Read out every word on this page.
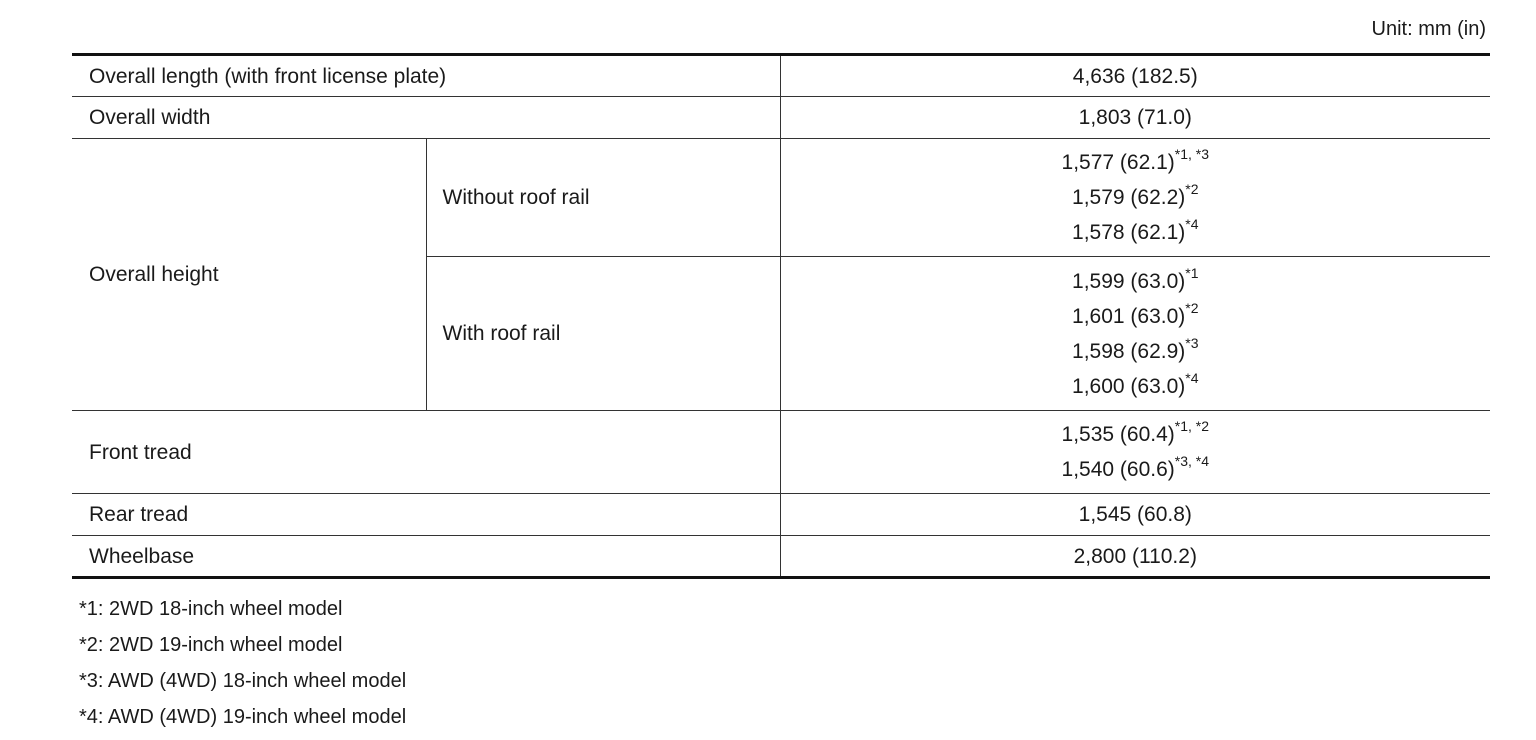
Unit: mm (in)
Overall length (with front license plate)		4,636 (182.5)
Overall width		1,803 (71.0)
Overall height	Without roof rail	1,577 $(62.1)^{*1, *3}$
1,579 $(62.2)^{*2}$
1,578 $(62.1)^{*4}$

	With roof rail	1,599 $(63.0)^{*1}$
1,601 $(63.0)^{*2}$
1,598 $(62.9)^{*3}$
1,600 $(63.0)^{*4}$

Front tread		1,535 $(60.4)^{*1, *2}$
1,540 $(60.6)^{*3, *4}$

Rear tread		1,545 (60.8)
Wheelbase		2,800 (110.2)
*1: 2WD 18-inch wheel model
*2: 2WD 19-inch wheel model
*3: AWD (4WD) 18-inch wheel model
*4: AWD (4WD) 19-inch wheel model
